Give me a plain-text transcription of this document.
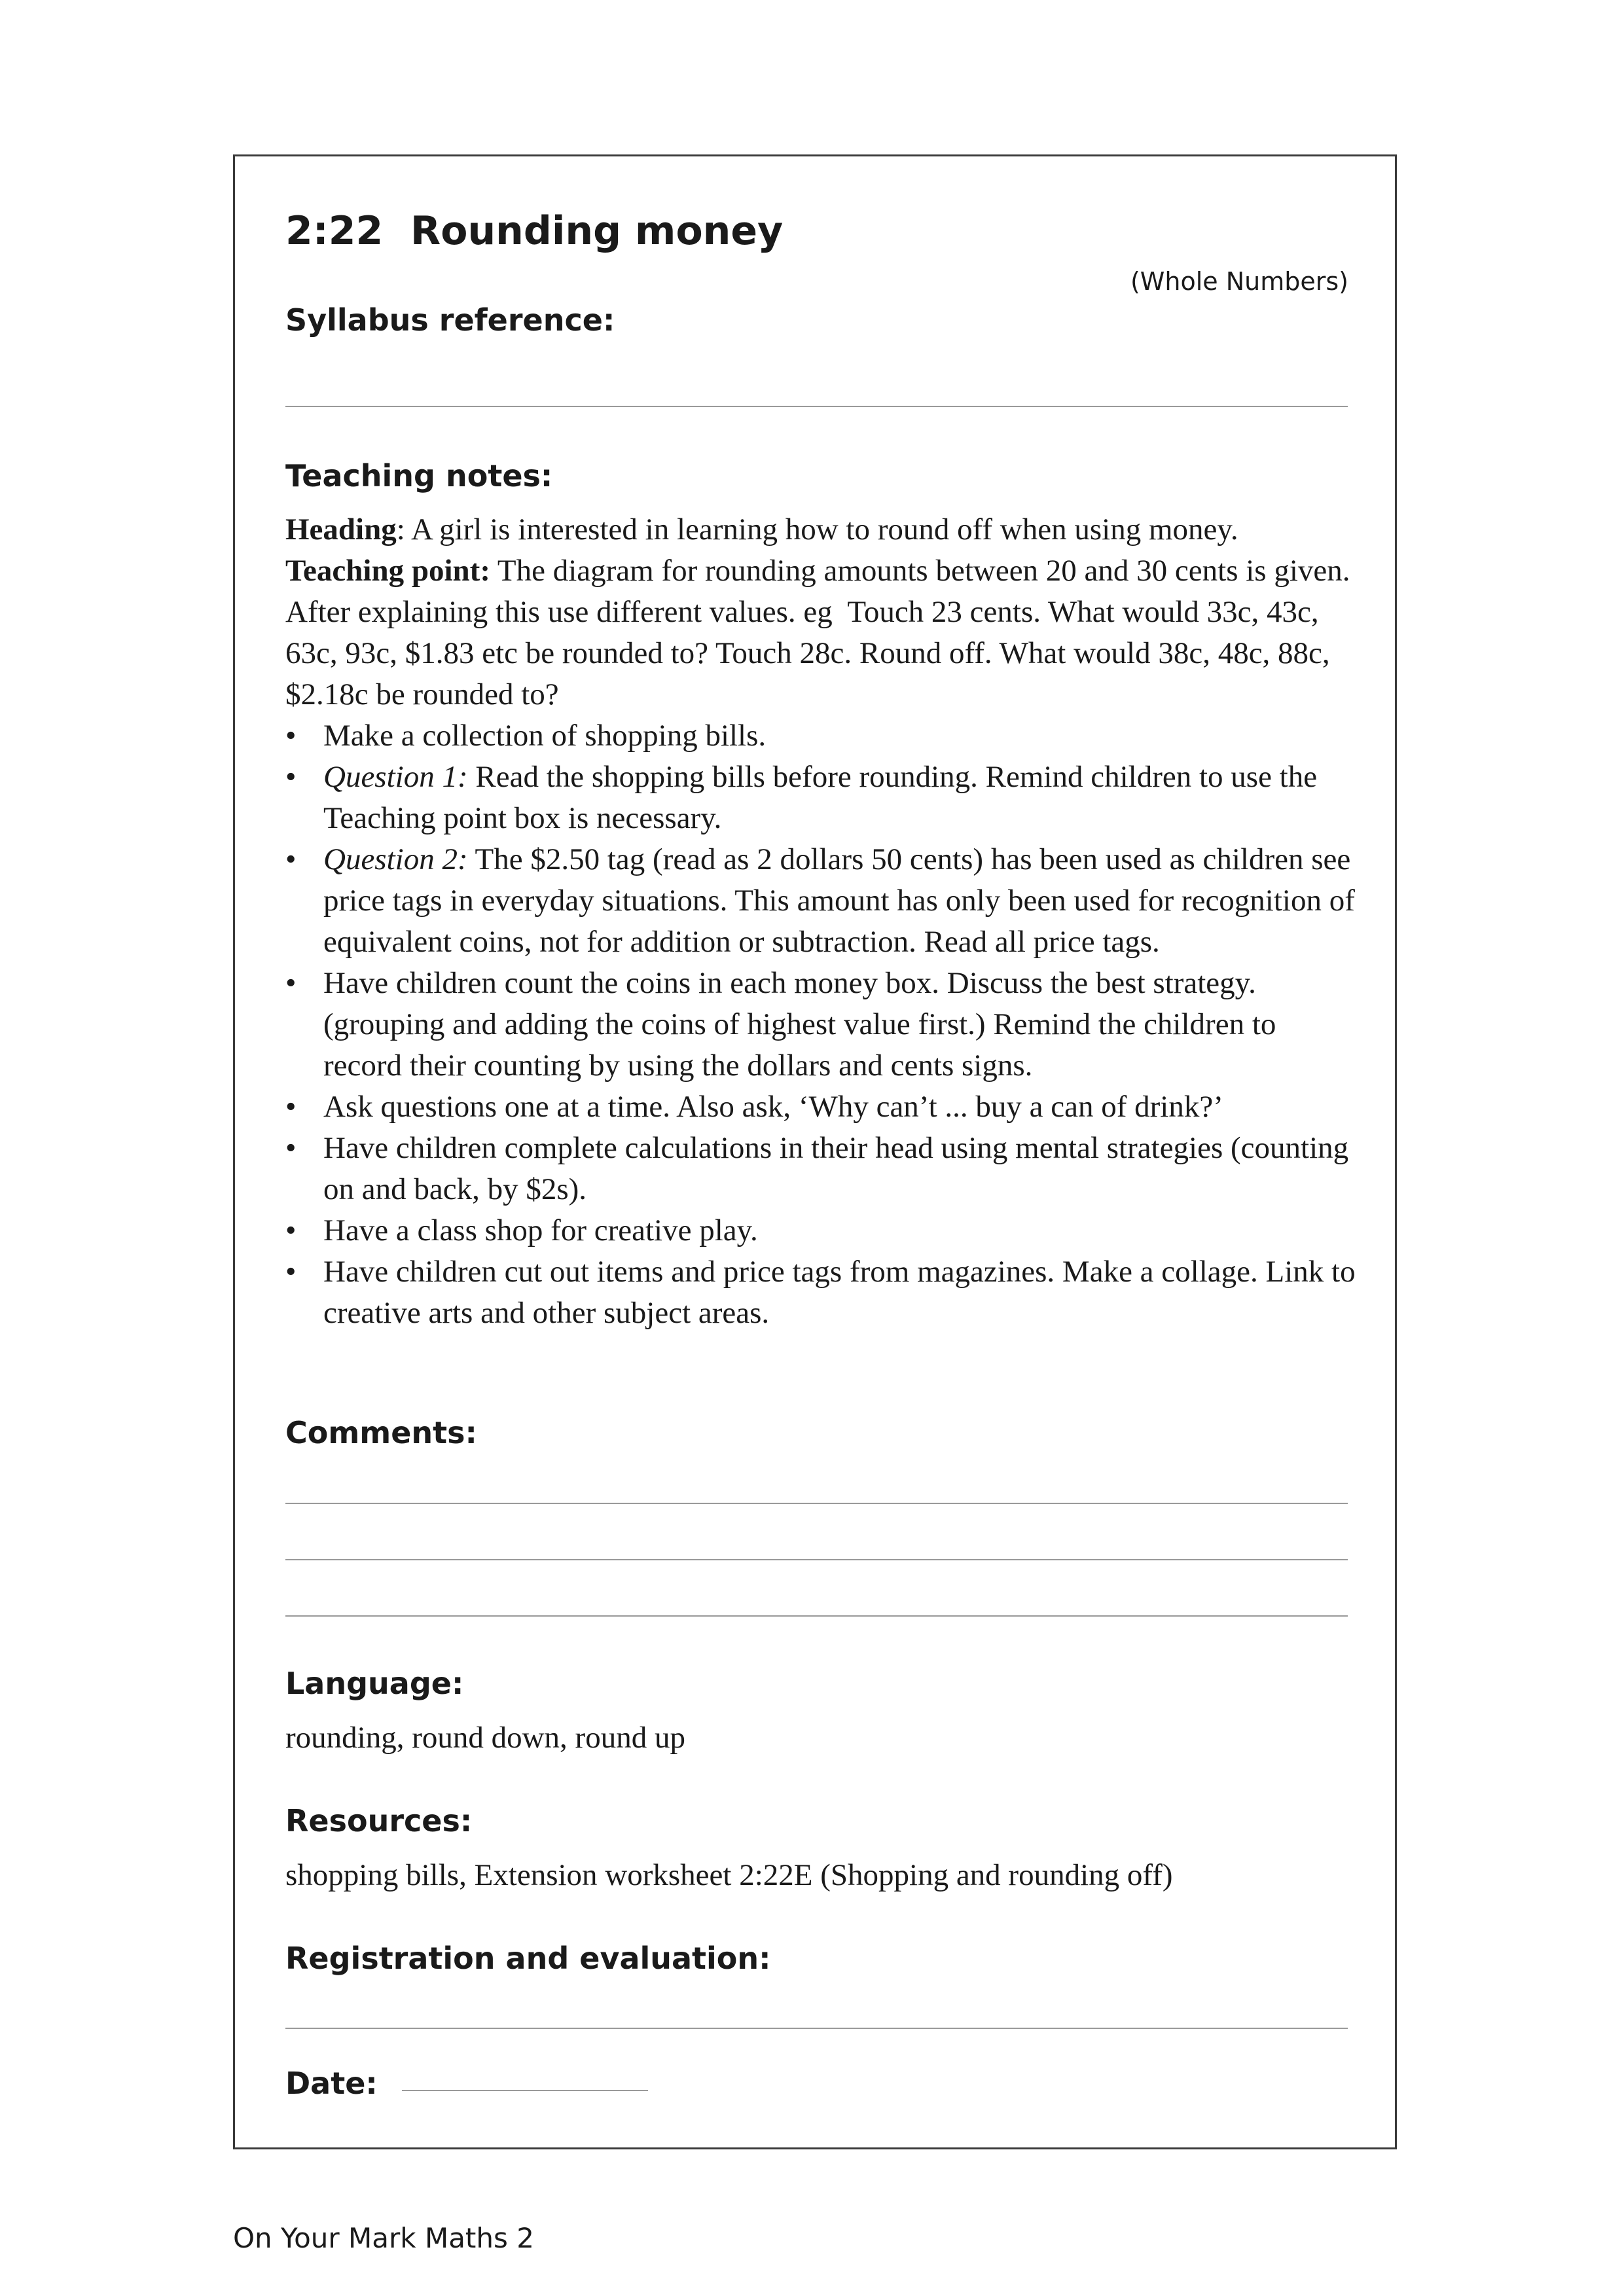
2:22  Rounding money
(Whole Numbers)
Syllabus reference:
Teaching notes:

Heading: A girl is interested in learning how to round off when using money.

Teaching point: The diagram for rounding amounts between 20 and 30 cents is given. After explaining this use different values. eg  Touch 23 cents. What would 33c, 43c, 63c, 93c, $1.83 etc be rounded to? Touch 28c. Round off. What would 38c, 48c, 88c, $2.18c be rounded to?

• Make a collection of shopping bills.
• Question 1: Read the shopping bills before rounding. Remind children to use the Teaching point box is necessary.
• Question 2: The $2.50 tag (read as 2 dollars 50 cents) has been used as children see price tags in everyday situations. This amount has only been used for recognition of equivalent coins, not for addition or subtraction. Read all price tags.
• Have children count the coins in each money box. Discuss the best strategy. (grouping and adding the coins of highest value first.) Remind the children to record their counting by using the dollars and cents signs.
• Ask questions one at a time. Also ask, ‘Why can’t ... buy a can of drink?’
• Have children complete calculations in their head using mental strategies (counting on and back, by $2s).
• Have a class shop for creative play.
• Have children cut out items and price tags from magazines. Make a collage. Link to creative arts and other subject areas.
Comments:
Language:
rounding, round down, round up
Resources:
shopping bills, Extension worksheet 2:22E (Shopping and rounding off)
Registration and evaluation:
Date:
On Your Mark Maths 2
